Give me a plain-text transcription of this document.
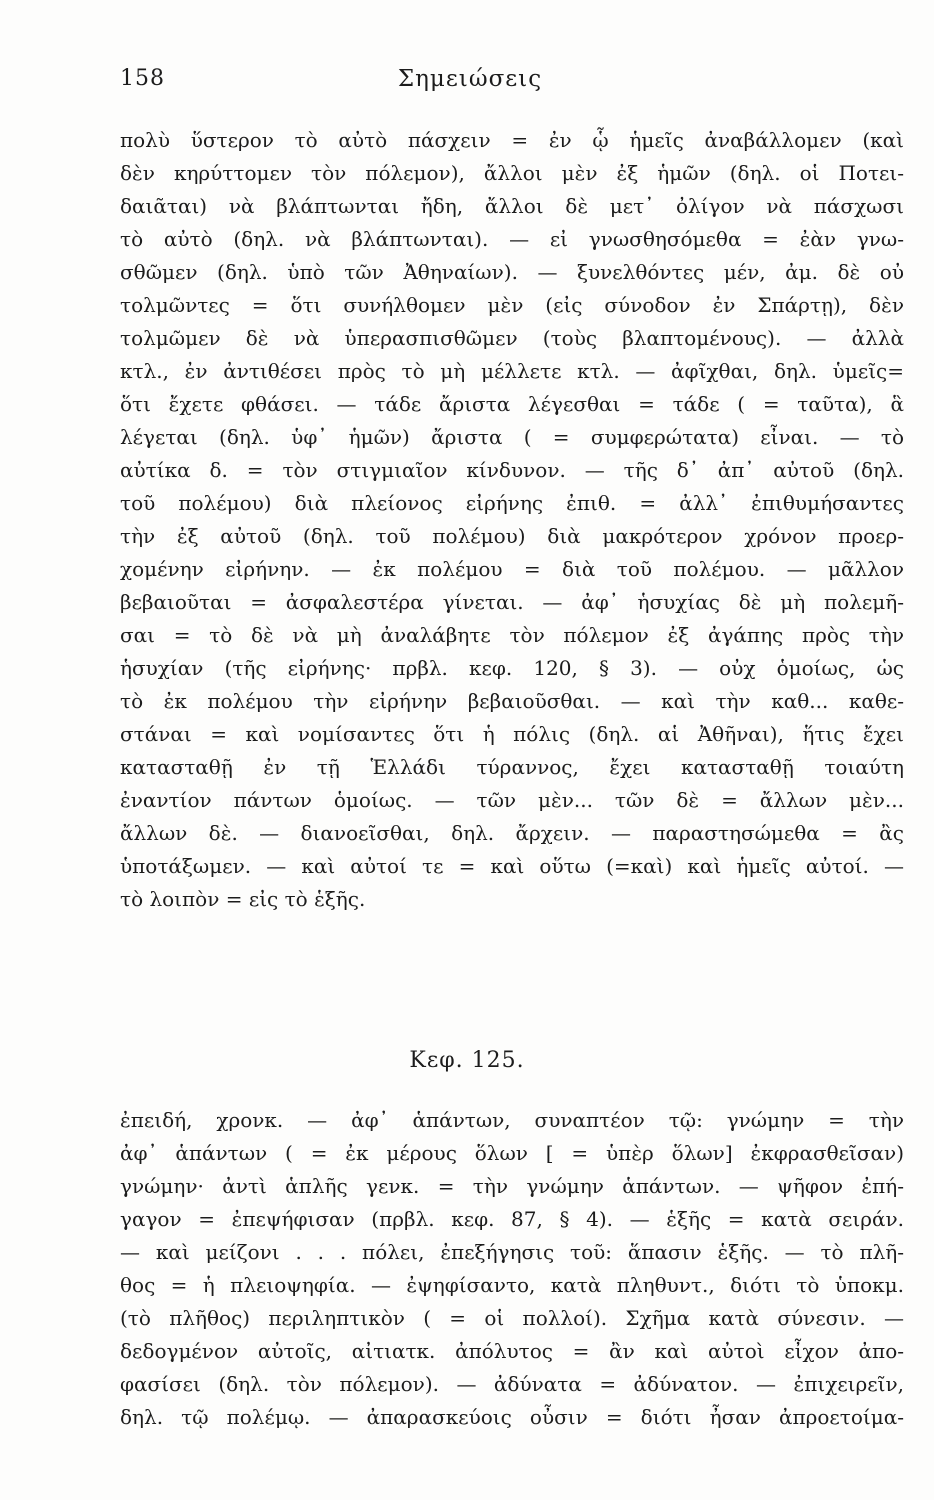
158	Σημειώσεις
πολὺ ὕστερον τὸ αὐτὸ πάσχειν = ἐν ᾧ ἡμεῖς ἀναβάλλομεν (καὶ
δὲν κηρύττομεν τὸν πόλεμον), ἄλλοι μὲν ἐξ ἡμῶν (δηλ. οἱ Ποτει-
δαιᾶται) νὰ βλάπτωνται ἤδη, ἄλλοι δὲ μετ᾽ ὀλίγον νὰ πάσχωσι
τὸ αὐτὸ (δηλ. νὰ βλάπτωνται). — εἰ γνωσθησόμεθα = ἐὰν γνω-
σθῶμεν (δηλ. ὑπὸ τῶν Ἀθηναίων). — ξυνελθόντες μέν, ἀμ. δὲ οὐ
τολμῶντες = ὅτι συνήλθομεν μὲν (εἰς σύνοδον ἐν Σπάρτῃ), δὲν
τολμῶμεν δὲ νὰ ὑπερασπισθῶμεν (τοὺς βλαπτομένους). — ἀλλὰ
κτλ., ἐν ἀντιθέσει πρὸς τὸ μὴ μέλλετε κτλ. — ἀφῖχθαι, δηλ. ὑμεῖς=
ὅτι ἔχετε φθάσει. — τάδε ἄριστα λέγεσθαι = τάδε ( = ταῦτα), ἃ
λέγεται (δηλ. ὑφ᾽ ἡμῶν) ἄριστα ( = συμφερώτατα) εἶναι. — τὸ
αὐτίκα δ. = τὸν στιγμιαῖον κίνδυνον. — τῆς δ᾽ ἀπ᾽ αὐτοῦ (δηλ.
τοῦ πολέμου) διὰ πλείονος εἰρήνης ἐπιθ. = ἀλλ᾽ ἐπιθυμήσαντες
τὴν ἐξ αὐτοῦ (δηλ. τοῦ πολέμου) διὰ μακρότερον χρόνον προερ-
χομένην εἰρήνην. — ἐκ πολέμου = διὰ τοῦ πολέμου. — μᾶλλον
βεβαιοῦται = ἀσφαλεστέρα γίνεται. — ἀφ᾽ ἡσυχίας δὲ μὴ πολεμῆ-
σαι = τὸ δὲ νὰ μὴ ἀναλάβητε τὸν πόλεμον ἐξ ἀγάπης πρὸς τὴν
ἡσυχίαν (τῆς εἰρήνης· πρβλ. κεφ. 120, § 3). — οὐχ ὁμοίως, ὡς
τὸ ἐκ πολέμου τὴν εἰρήνην βεβαιοῦσθαι. — καὶ τὴν καθ... καθε-
στάναι = καὶ νομίσαντες ὅτι ἡ πόλις (δηλ. αἱ Ἀθῆναι), ἥτις ἔχει
κατασταθῇ ἐν τῇ Ἑλλάδι τύραννος, ἔχει κατασταθῇ τοιαύτη
ἐναντίον πάντων ὁμοίως. — τῶν μὲν... τῶν δὲ = ἄλλων μὲν...
ἄλλων δὲ. — διανοεῖσθαι, δηλ. ἄρχειν. — παραστησώμεθα = ἂς
ὑποτάξωμεν. — καὶ αὐτοί τε = καὶ οὕτω (=καὶ) καὶ ἡμεῖς αὐτοί. —
τὸ λοιπὸν = εἰς τὸ ἑξῆς.
Κεφ. 125.
ἐπειδή, χρονκ. — ἀφ᾽ ἁπάντων, συναπτέον τῷ: γνώμην = τὴν
ἀφ᾽ ἁπάντων ( = ἐκ μέρους ὅλων [ = ὑπὲρ ὅλων] ἐκφρασθεῖσαν)
γνώμην· ἀντὶ ἁπλῆς γενκ. = τὴν γνώμην ἁπάντων. — ψῆφον ἐπή-
γαγον = ἐπεψήφισαν (πρβλ. κεφ. 87, § 4). — ἑξῆς = κατὰ σειράν.
— καὶ μείζονι . . . πόλει, ἐπεξήγησις τοῦ: ἅπασιν ἑξῆς. — τὸ πλῆ-
θος = ἡ πλειοψηφία. — ἐψηφίσαντο, κατὰ πληθυντ., διότι τὸ ὑποκμ.
(τὸ πλῆθος) περιληπτικὸν ( = οἱ πολλοί). Σχῆμα κατὰ σύνεσιν. —
δεδογμένον αὐτοῖς, αἰτιατκ. ἀπόλυτος = ἂν καὶ αὐτοὶ εἶχον ἀπο-
φασίσει (δηλ. τὸν πόλεμον). — ἀδύνατα = ἀδύνατον. — ἐπιχειρεῖν,
δηλ. τῷ πολέμῳ. — ἀπαρασκεύοις οὖσιν = διότι ἦσαν ἀπροετοίμα-
